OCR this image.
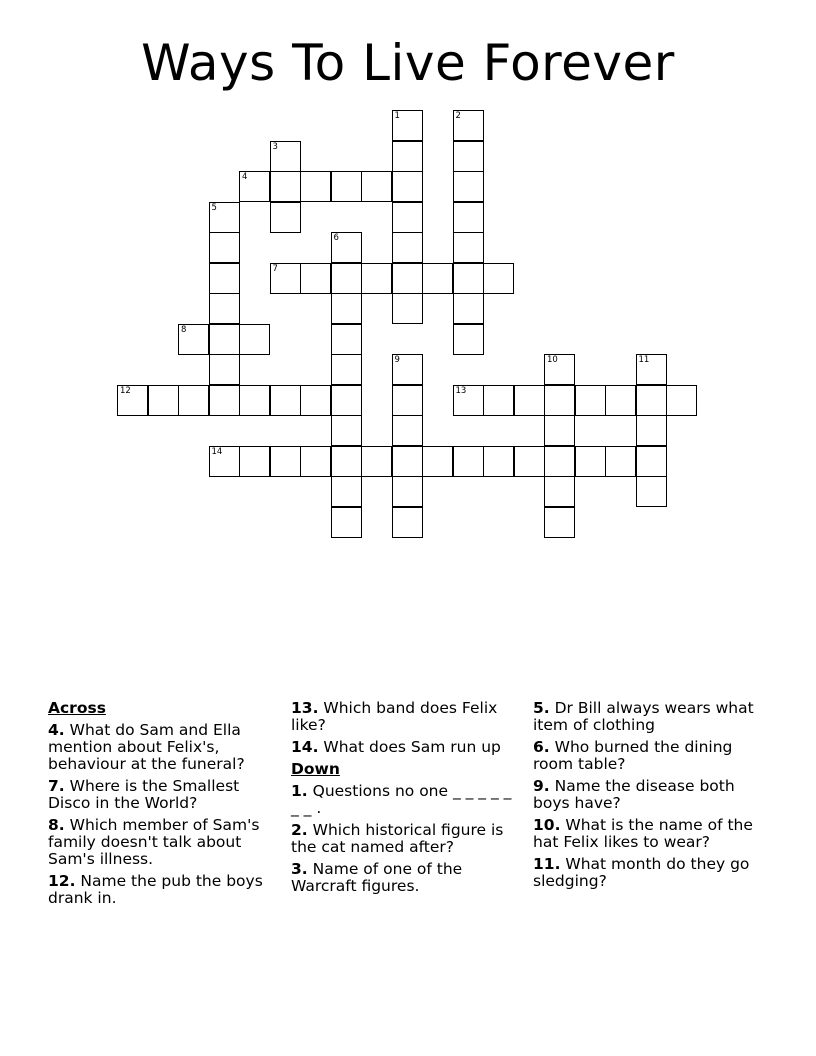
Ways To Live Forever
1	2
3
4
5
6
7
8
9	10	11
12	13
14
Across
4. What do Sam and Ella mention about Felix's, behaviour at the funeral?
7. Where is the Smallest Disco in the World?
8. Which member of Sam's family doesn't talk about Sam's illness.
12. Name the pub the boys drank in.
13. Which band does Felix like?
14. What does Sam run up
Down
1. Questions no one _ _ _ _ _ _ _ .
2. Which historical figure is the cat named after?
3. Name of one of the Warcraft figures.
5. Dr Bill always wears what item of clothing
6. Who burned the dining room table?
9. Name the disease both boys have?
10. What is the name of the hat Felix likes to wear?
11. What month do they go sledging?
